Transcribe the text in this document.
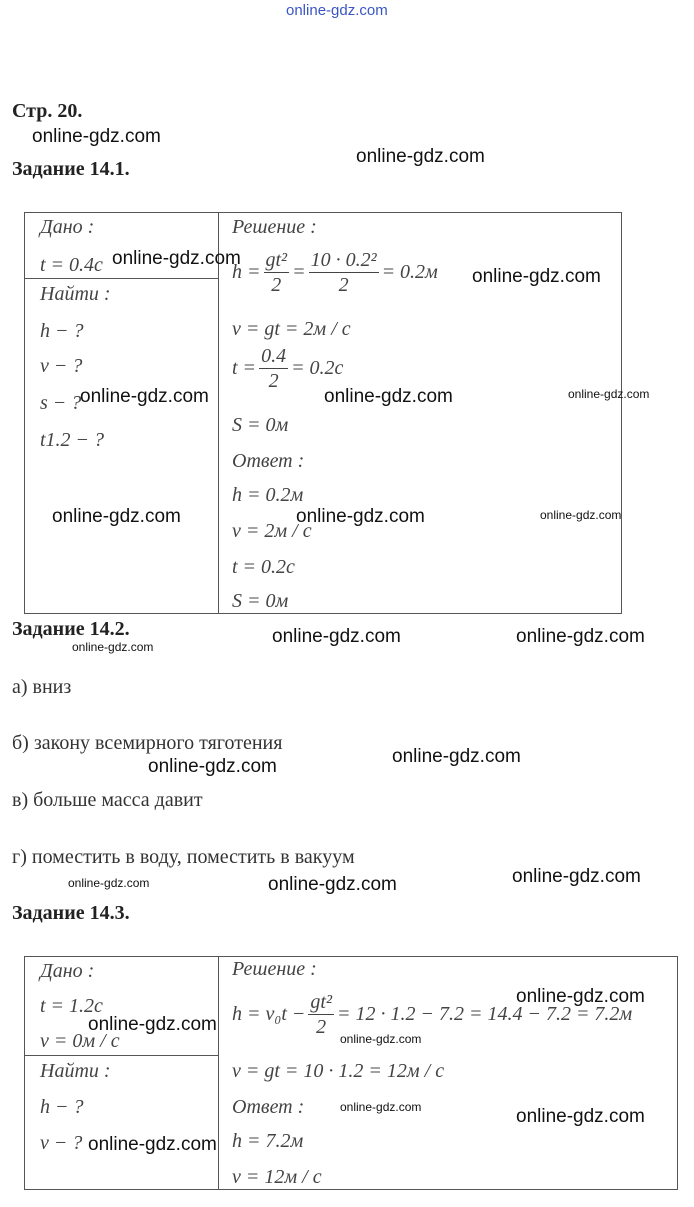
online-gdz.com
Стр. 20.
Задание 14.1.
Дано :
t = 0.4c
Найти :
h − ?
v − ?
s − ?
t1.2 − ?
Решение :
$h = \frac{\text{gt²}}{2} = \frac{\text{10 · 0.2²}}{2} = 0.2м$
v = gt = 2м / с
$t = \frac{0.4}{2} = 0.2с$
S = 0м
Ответ :
h = 0.2м
v = 2м / с
t = 0.2с
S = 0м
Задание 14.2.
а) вниз
б) закону всемирного тяготения
в) больше масса давит
г) поместить в воду, поместить в вакуум
Задание 14.3.
Дано :
t = 1.2c
v = 0м / с
Найти :
h − ?
v − ?
Решение :
$h = v_0t - \frac{\text{gt²}}{2} = 12 \cdot 1.2 - 7.2 = 14.4 - 7.2 = 7.2м$
v = gt = 10 · 1.2 = 12м / с
Ответ :
h = 7.2м
v = 12м / с
online-gdz.com
online-gdz.com
online-gdz.com
online-gdz.com
online-gdz.com	online-gdz.com	online-gdz.com
online-gdz.com	online-gdz.com	online-gdz.com
online-gdz.com	online-gdz.com	online-gdz.com
online-gdz.com	online-gdz.com
online-gdz.com	online-gdz.com	online-gdz.com
online-gdz.com
online-gdz.com
online-gdz.com
online-gdz.com	online-gdz.com
online-gdz.com
